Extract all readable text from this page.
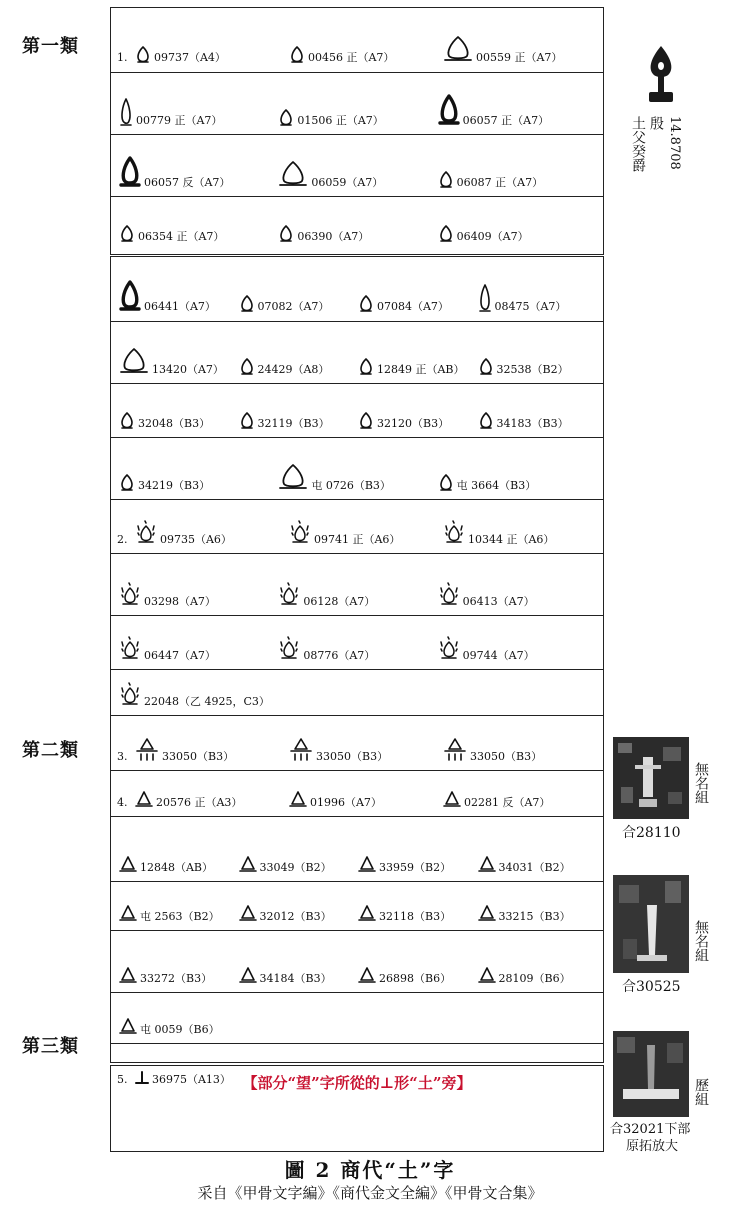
第一類
第二類
第三類
1. 09737（A4）	00456 正（A7）	00559 正（A7）
00779 正（A7）	01506 正（A7）	06057 正（A7）
06057 反（A7）	06059（A7）	06087 正（A7）
06354 正（A7）	06390（A7）	06409（A7）
06441（A7）	07082（A7）	07084（A7）	08475（A7）
13420（A7）	24429（A8）	12849 正（AB）	32538（B2）
32048（B3）	32119（B3）	32120（B3）	34183（B3）
34219（B3）	屯 0726（B3）	屯 3664（B3）
2.	09735（A6）	09741 正（A6）	10344 正（A6）
03298（A7）	06128（A7）	06413（A7）
06447（A7）	08776（A7）	09744（A7）
22048（乙 4925，C3）
3.	33050（B3）	33050（B3）	33050（B3）
4.	20576 正（A3）	01996（A7）	02281 反（A7）
12848（AB）	33049（B2）	33959（B2）	34031（B2）
屯 2563（B2）	32012（B3）	32118（B3）	33215（B3）
33272（B3）	34184（B3）	26898（B6）	28109（B6）
屯 0059（B6）
5. 36975（A13） 【部分“望”字所從的⊥形“土”旁】
14.8708
殷
土父癸爵
無名組
合28110
無名組
合30525
歷組
合32021下部
原拓放大
圖 2 商代“土”字
采自《甲骨文字編》《商代金文全編》《甲骨文合集》
